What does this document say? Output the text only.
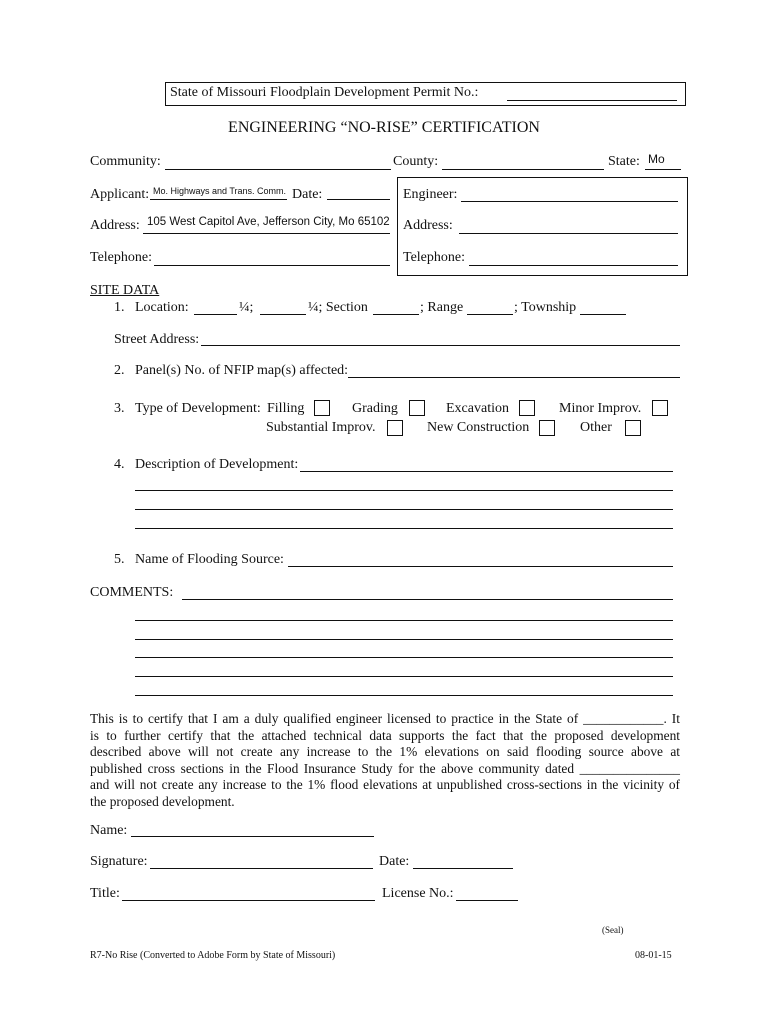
State of Missouri Floodplain Development Permit No.:
ENGINEERING “NO-RISE” CERTIFICATION
Community:	County:	State: Mo
Applicant: Mo. Highways and Trans. Comm. Date:	Engineer:
Address: 105 West Capitol Ave, Jefferson City, Mo 65102 Address:
Telephone:	Telephone:
SITE DATA
1. Location:	¼;	¼; Section	; Range	; Township
Street Address:
2. Panel(s) No. of NFIP map(s) affected:
3. Type of Development: Filling	Grading	Excavation	Minor Improv.
Substantial Improv.	New Construction	Other
4. Description of Development:
5. Name of Flooding Source:
COMMENTS:
This is to certify that I am a duly qualified engineer licensed to practice in the State of ____________. It
is to further certify that the attached technical data supports the fact that the proposed development
described above will not create any increase to the 1% elevations on said flooding source above at
published cross sections in the Flood Insurance Study for the above community dated _______________
and will not create any increase to the 1% flood elevations at unpublished cross-sections in the vicinity of
the proposed development.
Name:
Signature:	Date:
Title:	License No.:
(Seal)
R7-No Rise (Converted to Adobe Form by State of Missouri)	08-01-15
